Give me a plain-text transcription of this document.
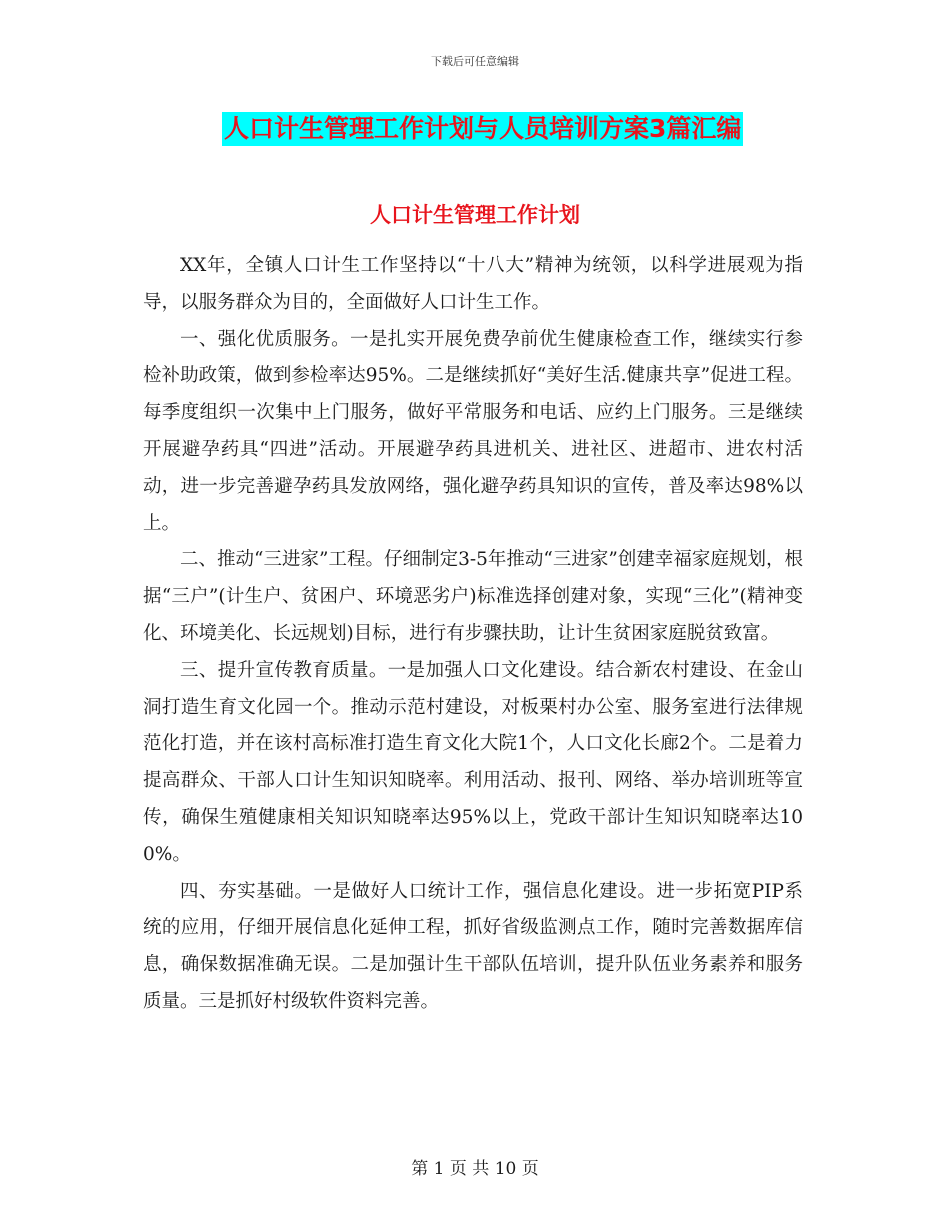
下载后可任意编辑
人口计生管理工作计划与人员培训方案3篇汇编
人口计生管理工作计划

XX年，全镇人口计生工作坚持以“十八大”精神为统领，以科学进展观为指导，以服务群众为目的，全面做好人口计生工作。

一、强化优质服务。一是扎实开展免费孕前优生健康检查工作，继续实行参检补助政策，做到参检率达95%。二是继续抓好“美好生活.健康共享”促进工程。每季度组织一次集中上门服务，做好平常服务和电话、应约上门服务。三是继续开展避孕药具“四进”活动。开展避孕药具进机关、进社区、进超市、进农村活动，进一步完善避孕药具发放网络，强化避孕药具知识的宣传，普及率达98%以上。

二、推动“三进家”工程。仔细制定3-5年推动“三进家”创建幸福家庭规划，根据“三户”(计生户、贫困户、环境恶劣户)标准选择创建对象，实现“三化”(精神变化、环境美化、长远规划)目标，进行有步骤扶助，让计生贫困家庭脱贫致富。

三、提升宣传教育质量。一是加强人口文化建设。结合新农村建设、在金山洞打造生育文化园一个。推动示范村建设，对板栗村办公室、服务室进行法律规范化打造，并在该村高标准打造生育文化大院1个，人口文化长廊2个。二是着力提高群众、干部人口计生知识知晓率。利用活动、报刊、网络、举办培训班等宣传，确保生殖健康相关知识知晓率达95%以上，党政干部计生知识知晓率达100%。

四、夯实基础。一是做好人口统计工作，强信息化建设。进一步拓宽PIP系统的应用，仔细开展信息化延伸工程，抓好省级监测点工作，随时完善数据库信息，确保数据准确无误。二是加强计生干部队伍培训，提升队伍业务素养和服务质量。三是抓好村级软件资料完善。

第 1 页 共 10 页
